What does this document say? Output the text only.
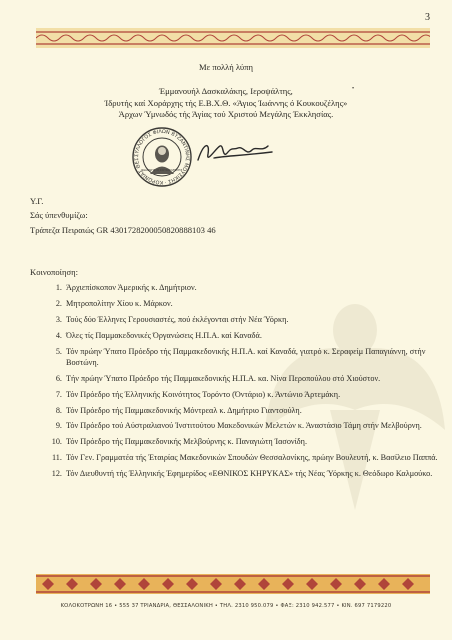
3
Με πολλή λύπη
Έμμανουήλ Δασκαλάκης, Ιεροψάλτης,
Ίδρυτής καί Χοράρχης τής Ε.Β.Χ.Θ. «Άγιος Ίωάννης ό Κουκουζέλης»
Άρχων Ύμνωδός τής Άγίας τού Χριστού Μεγάλης Έκκλησίας.
•
ΣΥΛΛΟΓΟΣ ΦΙΛΩΝ ΒΥΖΑΝΤΙΝΗΣ ΜΟΥΣΙΚΗΣ · ΚΟΡΩΝΙΑΣ ΘΕΣ
ΙΩΑΝΝΗΣ Ο ΚΟΥΚΟΥΖΕΛΗΣ
Υ.Γ.
Σάς ύπενθυμίζω:
Τράπεζα Πειραιώς GR 4301728200050820888103 46
Κοινοποίηση:
1. Άρχιεπίσκοπον Άμερικής κ. Δημήτριον.
2. Μητροπολίτην Χίου κ. Μάρκον.
3. Τούς δύο Έλληνες Γερουσιαστές, πού έκλέγονται στήν Νέα Ύόρκη.
4. Όλες τίς Παμμακεδονικές Όργανώσεις Η.Π.Α. καί Καναδά.
5. Τόν πρώην Ύπατο Πρόεδρο τής Παμμακεδονικής Η.Π.Α. καί Καναδά, γιατρό κ. Σεραφείμ Παπαγιάννη, στήν Βοστώνη.
6. Τήν πρώην Ύπατο Πρόεδρο τής Παμμακεδονικής Η.Π.Α. κα. Νίνα Περοπούλου στό Χιούστον.
7. Τόν Πρόεδρο τής Έλληνικής Κοινότητος Τορόντο (Όντάριο) κ. Άντώνιο Άρτεμάκη.
8. Τόν Πρόεδρο τής Παμμακεδονικής Μόντρεαλ κ. Δημήτριο Γιαντσούλη.
9. Τόν Πρόεδρο τού Αύστραλιανού Ίνστιτούτου Μακεδονικών Μελετών κ. Άναστάσιο Τάμη στήν Μελβούρνη.
10. Τόν Πρόεδρο τής Παμμακεδονικής Μελβούρνης κ. Παναγιώτη Ίασονίδη.
11. Τόν Γεν. Γραμματέα τής Έταιρίας Μακεδονικών Σπουδών Θεσσαλονίκης, πρώην Βουλευτή, κ. Βασίλειο Παππά.
12. Τόν Διευθυντή τής Έλληνικής Έφημερίδος «ΕΘΝΙΚΟΣ ΚΗΡΥΚΑΣ» τής Νέας Ύόρκης κ. Θεόδωρο Καλμούκο.
ΚΟΛΟΚΟΤΡΩΝΗ 16 • 555 37 ΤΡΙΑΝΔΡΙΑ, ΘΕΣΣΑΛΟΝΙΚΗ • ΤΗΛ. 2310 950.079 • ΦΑΞ: 2310 942.577 • ΚΙΝ. 697 7179220
